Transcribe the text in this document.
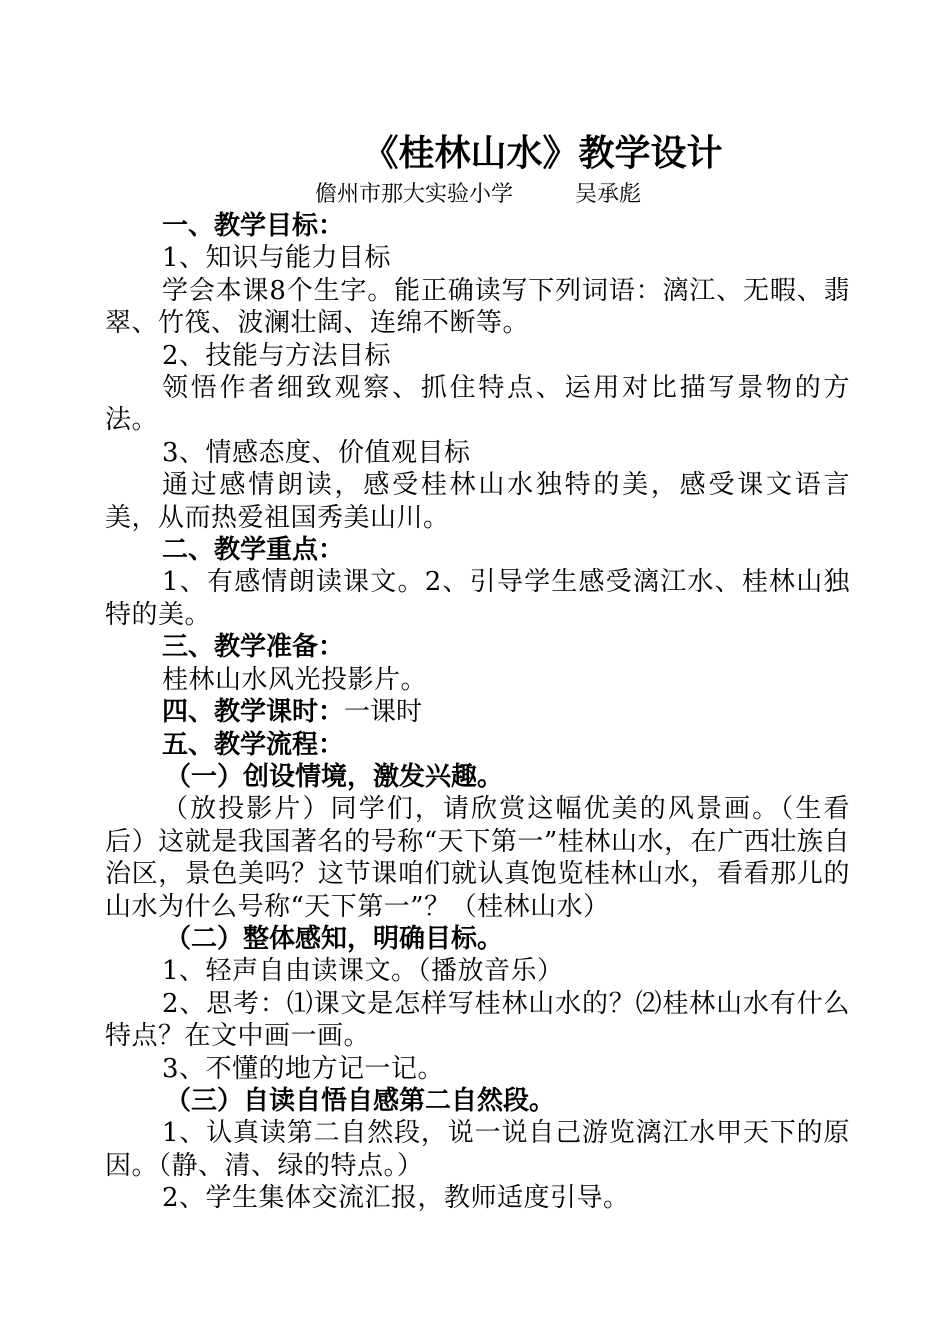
《桂林山水》教学设计

儋州市那大实验小学	吴承彪

一、教学目标：

1、知识与能力目标

学会本课8个生字。能正确读写下列词语：漓江、无暇、翡翠、竹筏、波澜壮阔、连绵不断等。

2、技能与方法目标

领悟作者细致观察、抓住特点、运用对比描写景物的方法。

3、情感态度、价值观目标

通过感情朗读，感受桂林山水独特的美，感受课文语言美，从而热爱祖国秀美山川。

二、教学重点：

1、有感情朗读课文。2、引导学生感受漓江水、桂林山独特的美。

三、教学准备：

桂林山水风光投影片。

四、教学课时：一课时

五、教学流程：

（一）创设情境，激发兴趣。

（放投影片）同学们，请欣赏这幅优美的风景画。（生看后）这就是我国著名的号称“天下第一”桂林山水，在广西壮族自治区，景色美吗？这节课咱们就认真饱览桂林山水，看看那儿的山水为什么号称“天下第一”？（桂林山水）

（二）整体感知，明确目标。

1、轻声自由读课文。（播放音乐）

2、思考：⑴课文是怎样写桂林山水的？⑵桂林山水有什么特点？在文中画一画。

3、不懂的地方记一记。

（三）自读自悟自感第二自然段。

1、认真读第二自然段，说一说自己游览漓江水甲天下的原因。（静、清、绿的特点。）

2、学生集体交流汇报，教师适度引导。
